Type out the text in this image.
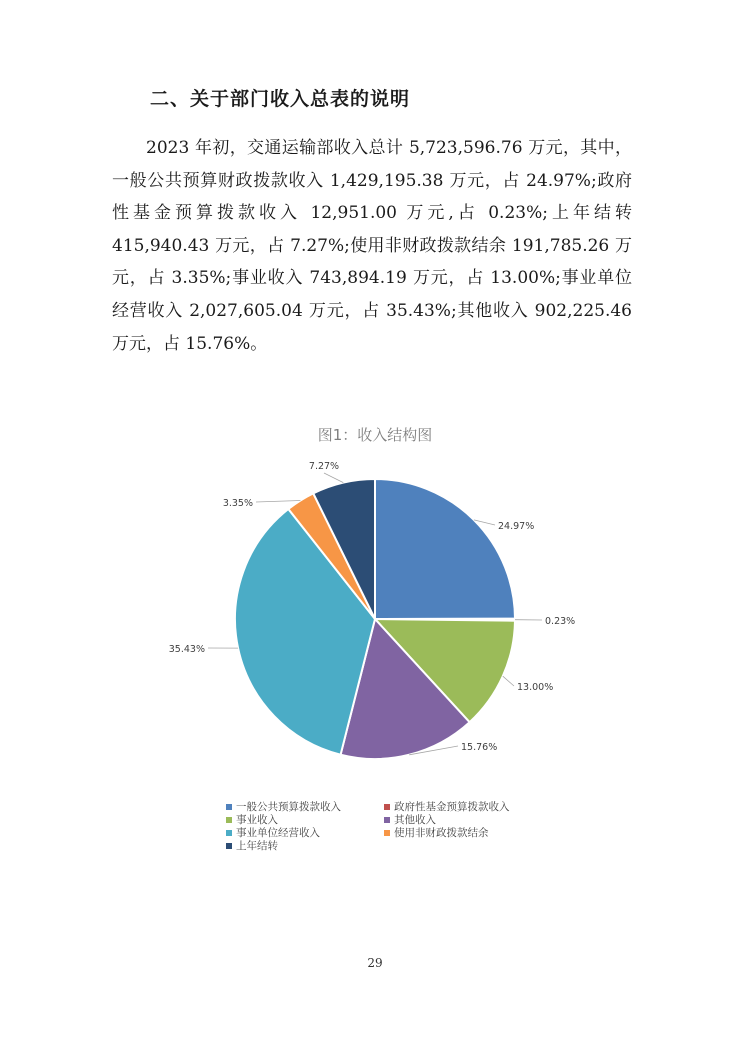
二、关于部门收入总表的说明

2023 年初，交通运输部收入总计 5,723,596.76 万元，其中，一般公共预算财政拨款收入 1,429,195.38 万元，占 24.97%;政府性基金预算拨款收入 12,951.00 万元,占 0.23%;上年结转 415,940.43 万元，占 7.27%;使用非财政拨款结余 191,785.26 万元，占 3.35%;事业收入 743,894.19 万元，占 13.00%;事业单位经营收入 2,027,605.04 万元，占 35.43%;其他收入 902,225.46 万元，占 15.76%。

图1：收入结构图
24.97%
0.23%
13.00%
15.76%
35.43%
3.35%
7.27%
一般公共预算拨款收入	政府性基金预算拨款收入
事业收入	其他收入
事业单位经营收入	使用非财政拨款结余
上年结转
29
